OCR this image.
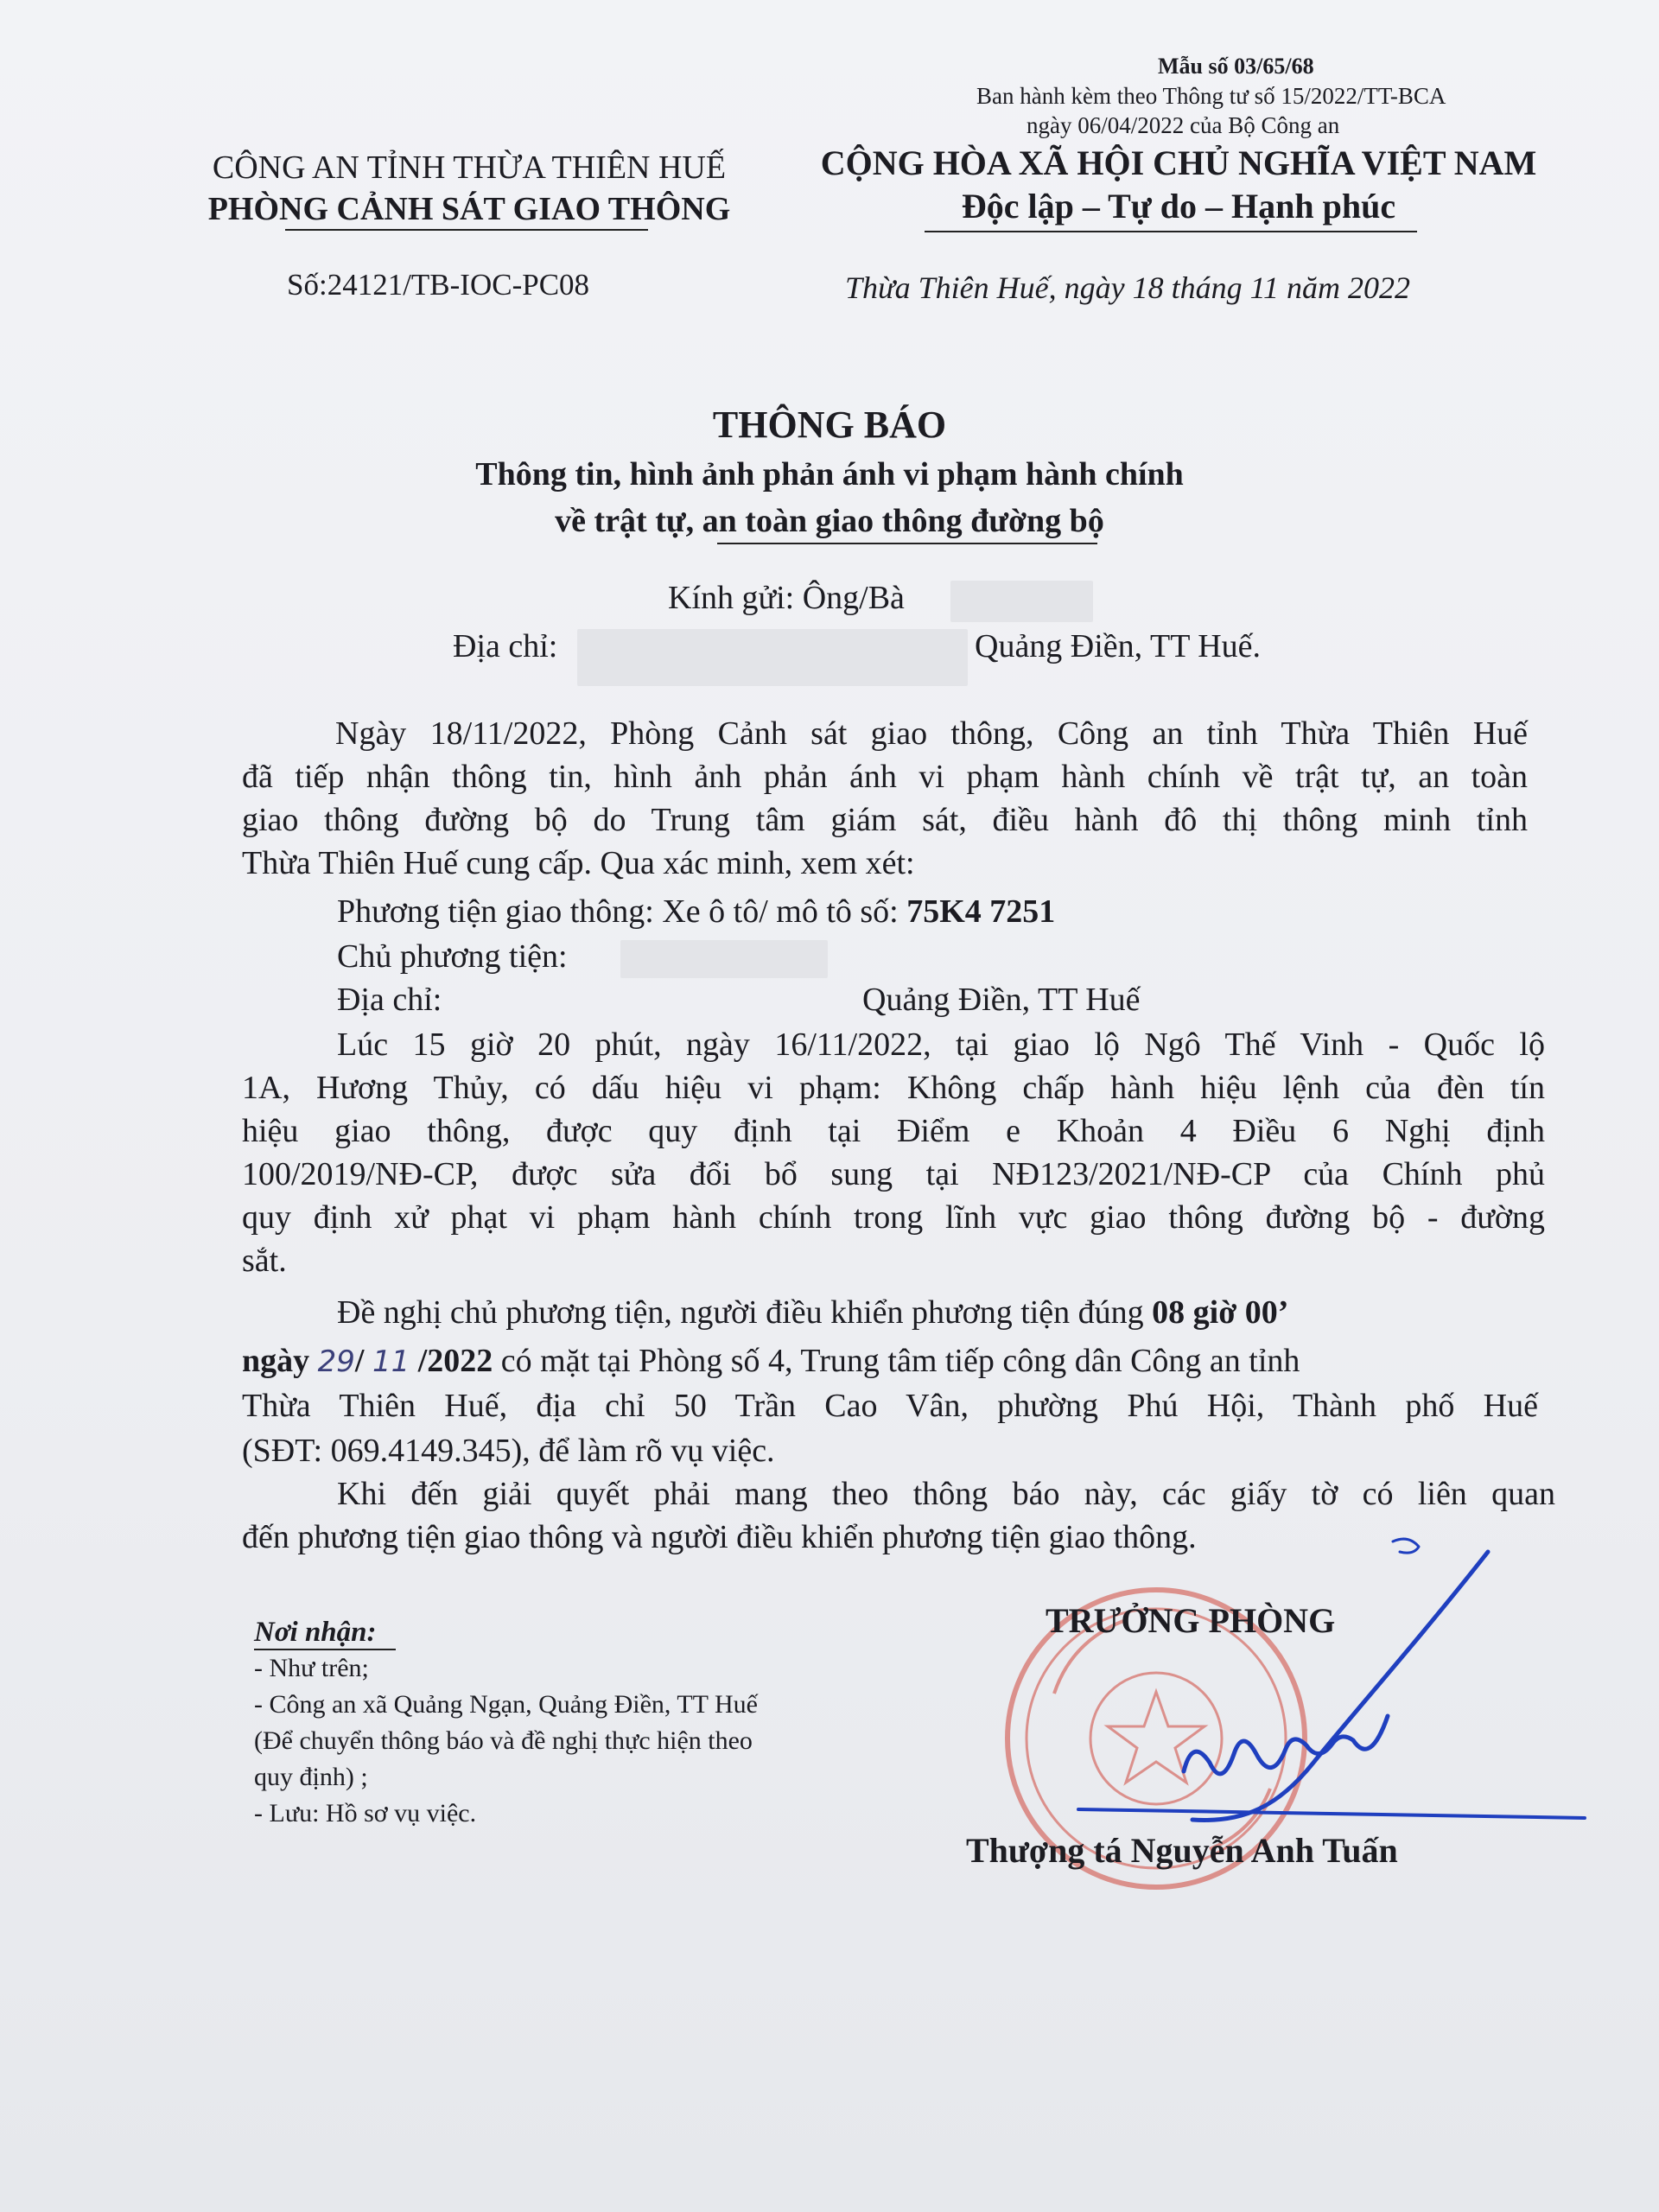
Mẫu số 03/65/68
Ban hành kèm theo Thông tư số 15/2022/TT-BCA
ngày 06/04/2022 của Bộ Công an
CÔNG AN TỈNH THỪA THIÊN HUẾ
PHÒNG CẢNH SÁT GIAO THÔNG
Số:24121/TB-IOC-PC08
CỘNG HÒA XÃ HỘI CHỦ NGHĨA VIỆT NAM
Độc lập – Tự do – Hạnh phúc
Thừa Thiên Huế, ngày 18 tháng 11 năm 2022
THÔNG BÁO
Thông tin, hình ảnh phản ánh vi phạm hành chính
về trật tự, an toàn giao thông đường bộ
Kính gửi: Ông/Bà
Địa chỉ:	Quảng Điền, TT Huế.
Ngày 18/11/2022, Phòng Cảnh sát giao thông, Công an tỉnh Thừa Thiên Huế
đã tiếp nhận thông tin, hình ảnh phản ánh vi phạm hành chính về trật tự, an toàn
giao thông đường bộ do Trung tâm giám sát, điều hành đô thị thông minh tỉnh
Thừa Thiên Huế cung cấp. Qua xác minh, xem xét:
Phương tiện giao thông: Xe ô tô/ mô tô số: 75K4 7251
Chủ phương tiện:
Địa chỉ:	Quảng Điền, TT Huế
Lúc 15 giờ 20 phút, ngày 16/11/2022, tại giao lộ Ngô Thế Vinh - Quốc lộ
1A, Hương Thủy, có dấu hiệu vi phạm: Không chấp hành hiệu lệnh của đèn tín
hiệu giao thông, được quy định tại Điểm e Khoản 4 Điều 6 Nghị định
100/2019/NĐ-CP, được sửa đổi bổ sung tại NĐ123/2021/NĐ-CP của Chính phủ
quy định xử phạt vi phạm hành chính trong lĩnh vực giao thông đường bộ - đường
sắt.
Đề nghị chủ phương tiện, người điều khiển phương tiện đúng 08 giờ 00’
ngày 29/ 11 /2022 có mặt tại Phòng số 4, Trung tâm tiếp công dân Công an tỉnh
Thừa Thiên Huế, địa chỉ 50 Trần Cao Vân, phường Phú Hội, Thành phố Huế
(SĐT: 069.4149.345), để làm rõ vụ việc.
Khi đến giải quyết phải mang theo thông báo này, các giấy tờ có liên quan
đến phương tiện giao thông và người điều khiển phương tiện giao thông.
Nơi nhận:
- Như trên;
- Công an xã Quảng Ngạn, Quảng Điền, TT Huế
(Để chuyển thông báo và đề nghị thực hiện theo
quy định) ;
- Lưu: Hồ sơ vụ việc.
TRƯỞNG PHÒNG
Thượng tá Nguyễn Anh Tuấn
